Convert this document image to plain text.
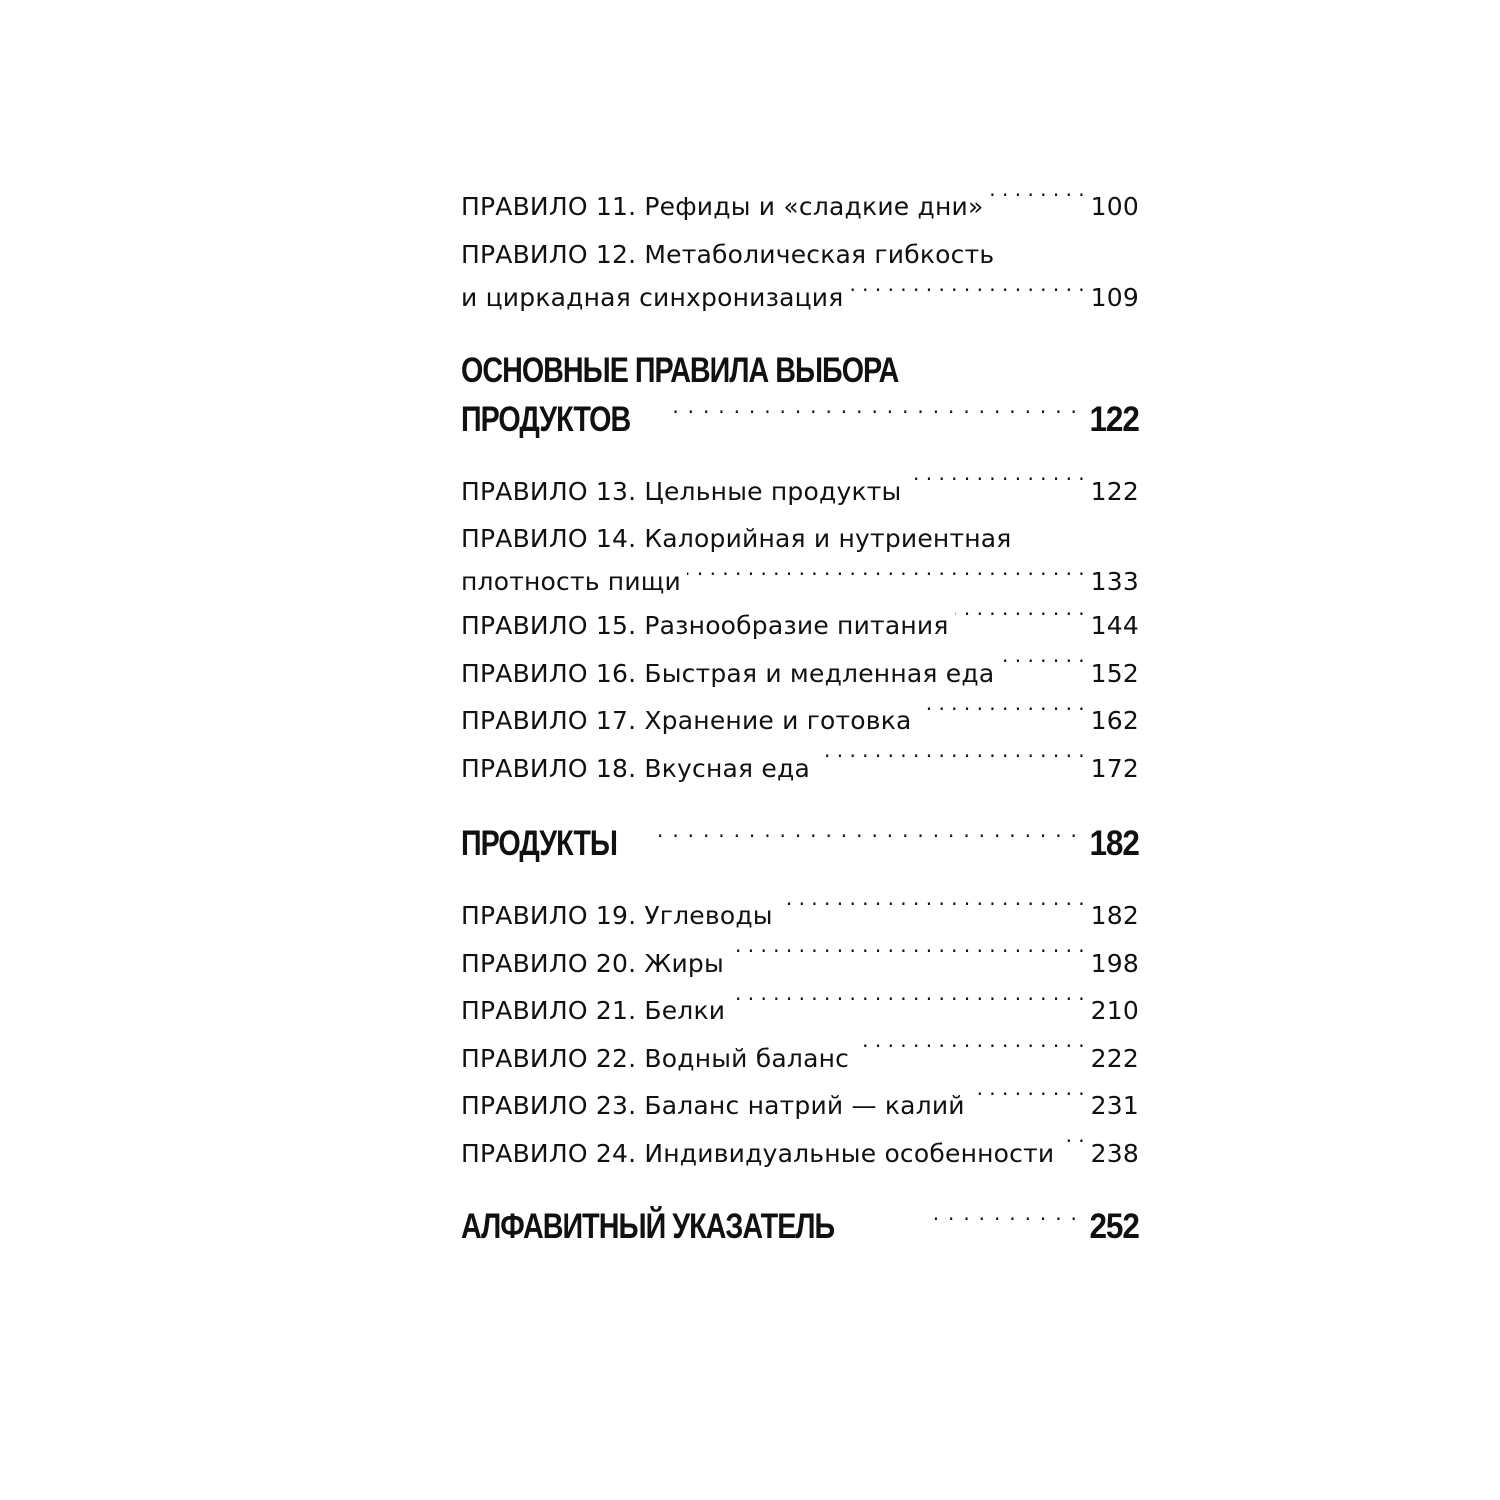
ПРАВИЛО 11. Рефиды и «сладкие дни» . . .	100
ПРАВИЛО 12. Метаболическая гибкость
и циркадная синхронизация . . .	109
ОСНОВНЫЕ ПРАВИЛА ВЫБОРА
ПРОДУКТОВ . . .	122
ПРАВИЛО 13. Цельные продукты . . .	122
ПРАВИЛО 14. Калорийная и нутриентная
плотность пищи . . .	133
ПРАВИЛО 15. Разнообразие питания . . .	144
ПРАВИЛО 16. Быстрая и медленная еда . . .	152
ПРАВИЛО 17. Хранение и готовка . . .	162
ПРАВИЛО 18. Вкусная еда . . .	172
ПРОДУКТЫ . . .	182
ПРАВИЛО 19. Углеводы . . .	182
ПРАВИЛО 20. Жиры . . .	198
ПРАВИЛО 21. Белки . . .	210
ПРАВИЛО 22. Водный баланс . . .	222
ПРАВИЛО 23. Баланс натрий — калий . . .	231
ПРАВИЛО 24. Индивидуальные особенности . . . 238
АЛФАВИТНЫЙ УКАЗАТЕЛЬ . . .	252
